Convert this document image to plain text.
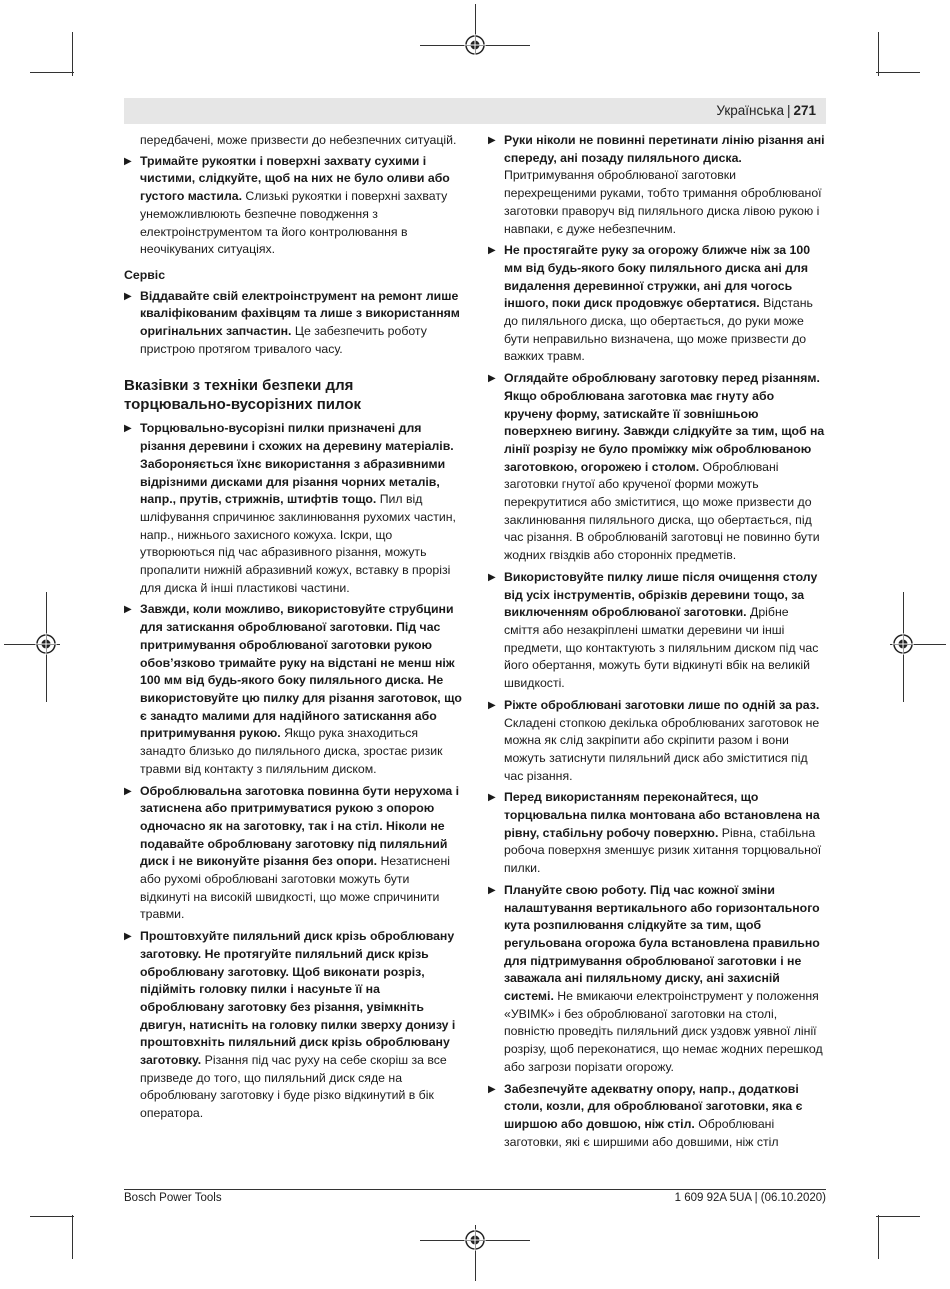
Українська | 271

передбачені, може призвести до небезпечних ситуацій.

▶ Тримайте рукоятки і поверхні захвату сухими і чистими, слідкуйте, щоб на них не було оливи або густого мастила. Слизькі рукоятки і поверхні захвату унеможливлюють безпечне поводження з електроінструментом та його контролювання в неочікуваних ситуаціях.

Сервіс

▶ Віддавайте свій електроінструмент на ремонт лише кваліфікованим фахівцям та лише з використанням оригінальних запчастин. Це забезпечить роботу пристрою протягом тривалого часу.

Вказівки з техніки безпеки для торцювально-вусорізних пилок

▶ Торцювально-вусорізні пилки призначені для різання деревини і схожих на деревину матеріалів. Забороняється їхнє використання з абразивними відрізними дисками для різання чорних металів, напр., прутів, стрижнів, штифтів тощо. Пил від шліфування спричинює заклинювання рухомих частин, напр., нижнього захисного кожуха. Іскри, що утворюються під час абразивного різання, можуть пропалити нижній абразивний кожух, вставку в прорізі для диска й інші пластикові частини.

▶ Завжди, коли можливо, використовуйте струбцини для затискання оброблюваної заготовки. Під час притримування оброблюваної заготовки рукою обов’язково тримайте руку на відстані не менш ніж 100 мм від будь-якого боку пиляльного диска. Не використовуйте цю пилку для різання заготовок, що є занадто малими для надійного затискання або притримування рукою. Якщо рука знаходиться занадто близько до пиляльного диска, зростає ризик травми від контакту з пиляльним диском.

▶ Оброблювальна заготовка повинна бути нерухома і затиснена або притримуватися рукою з опорою одночасно як на заготовку, так і на стіл. Ніколи не подавайте оброблювану заготовку під пиляльний диск і не виконуйте різання без опори. Незатиснені або рухомі оброблювані заготовки можуть бути відкинуті на високій швидкості, що може спричинити травми.

▶ Проштовхуйте пиляльний диск крізь оброблювану заготовку. Не протягуйте пиляльний диск крізь оброблювану заготовку. Щоб виконати розріз, підійміть головку пилки і насуньте її на оброблювану заготовку без різання, увімкніть двигун, натисніть на головку пилки зверху донизу і проштовхніть пиляльний диск крізь оброблювану заготовку. Різання під час руху на себе скоріш за все призведе до того, що пиляльний диск сяде на оброблювану заготовку і буде різко відкинутий в бік оператора.

▶ Руки ніколи не повинні перетинати лінію різання ані спереду, ані позаду пиляльного диска. Притримування оброблюваної заготовки перехрещеними руками, тобто тримання оброблюваної заготовки праворуч від пиляльного диска лівою рукою і навпаки, є дуже небезпечним.

▶ Не простягайте руку за огорожу ближче ніж за 100 мм від будь-якого боку пиляльного диска ані для видалення деревинної стружки, ані для чогось іншого, поки диск продовжує обертатися. Відстань до пиляльного диска, що обертається, до руки може бути неправильно визначена, що може призвести до важких травм.

▶ Оглядайте оброблювану заготовку перед різанням. Якщо оброблювана заготовка має гнуту або кручену форму, затискайте її зовнішньою поверхнею вигину. Завжди слідкуйте за тим, щоб на лінії розрізу не було проміжку між оброблюваною заготовкою, огорожею і столом. Оброблювані заготовки гнутої або крученої форми можуть перекрутитися або зміститися, що може призвести до заклинювання пиляльного диска, що обертається, під час різання. В оброблюваній заготовці не повинно бути жодних гвіздків або сторонніх предметів.

▶ Використовуйте пилку лише після очищення столу від усіх інструментів, обрізків деревини тощо, за виключенням оброблюваної заготовки. Дрібне сміття або незакріплені шматки деревини чи інші предмети, що контактують з пиляльним диском під час його обертання, можуть бути відкинуті вбік на великій швидкості.

▶ Ріжте оброблювані заготовки лише по одній за раз. Складені стопкою декілька оброблюваних заготовок не можна як слід закріпити або скріпити разом і вони можуть затиснути пиляльний диск або зміститися під час різання.

▶ Перед використанням переконайтеся, що торцювальна пилка монтована або встановлена на рівну, стабільну робочу поверхню. Рівна, стабільна робоча поверхня зменшує ризик хитання торцювальної пилки.

▶ Плануйте свою роботу. Під час кожної зміни налаштування вертикального або горизонтального кута розпилювання слідкуйте за тим, щоб регульована огорожа була встановлена правильно для підтримування оброблюваної заготовки і не заважала ані пиляльному диску, ані захисній системі. Не вмикаючи електроінструмент у положення «УВІМК» і без оброблюваної заготовки на столі, повністю проведіть пиляльний диск уздовж уявної лінії розрізу, щоб переконатися, що немає жодних перешкод або загрози порізати огорожу.

▶ Забезпечуйте адекватну опору, напр., додаткові столи, козли, для оброблюваної заготовки, яка є ширшою або довшою, ніж стіл. Оброблювані заготовки, які є ширшими або довшими, ніж стіл

Bosch Power Tools	1 609 92A 5UA | (06.10.2020)
